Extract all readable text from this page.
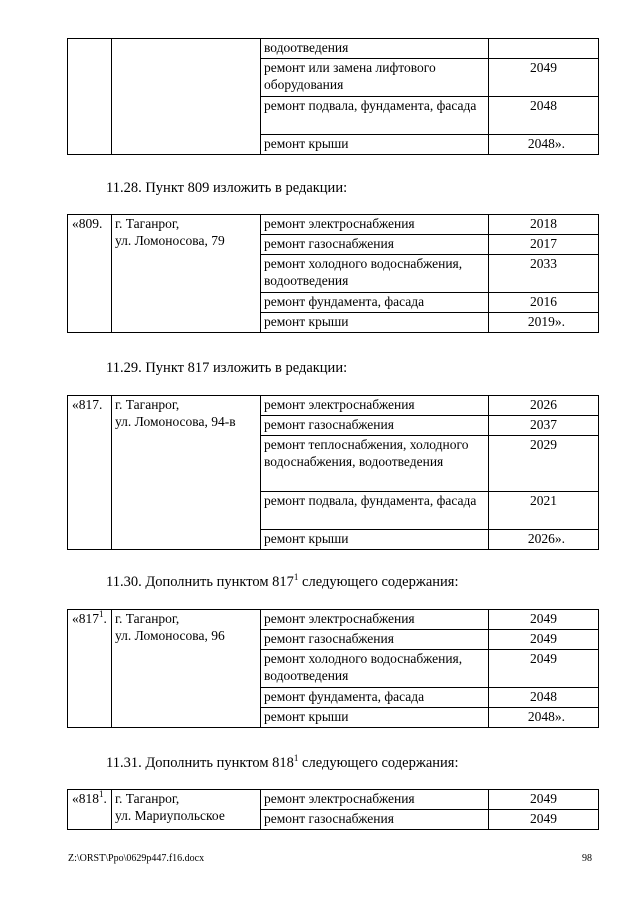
		водоотведения	
		ремонт или замена лифтового оборудования	2049
		ремонт подвала, фундамента, фасада	2048
		ремонт крыши	2048».
11.28. Пункт 809 изложить в редакции:
«809.	г. Таганрог,
ул. Ломоносова, 79	ремонт электроснабжения	2018
		ремонт газоснабжения	2017
		ремонт холодного водоснабжения, водоотведения	2033
		ремонт фундамента, фасада	2016
		ремонт крыши	2019».
11.29. Пункт 817 изложить в редакции:
«817.	г. Таганрог,
ул. Ломоносова, 94-в	ремонт электроснабжения	2026
		ремонт газоснабжения	2037
		ремонт теплоснабжения, холодного водоснабжения, водоотведения	2029
		ремонт подвала, фундамента, фасада	2021
		ремонт крыши	2026».
11.30. Дополнить пунктом $817^1$ следующего содержания:
«$817^1$.	г. Таганрог,
ул. Ломоносова, 96	ремонт электроснабжения	2049
		ремонт газоснабжения	2049
		ремонт холодного водоснабжения, водоотведения	2049
		ремонт фундамента, фасада	2048
		ремонт крыши	2048».
11.31. Дополнить пунктом $818^1$ следующего содержания:
«$818^1$.	г. Таганрог,
ул. Мариупольское	ремонт электроснабжения	2049
		ремонт газоснабжения	2049
Z:\ORST\Ppo\0629p447.f16.docx	98
